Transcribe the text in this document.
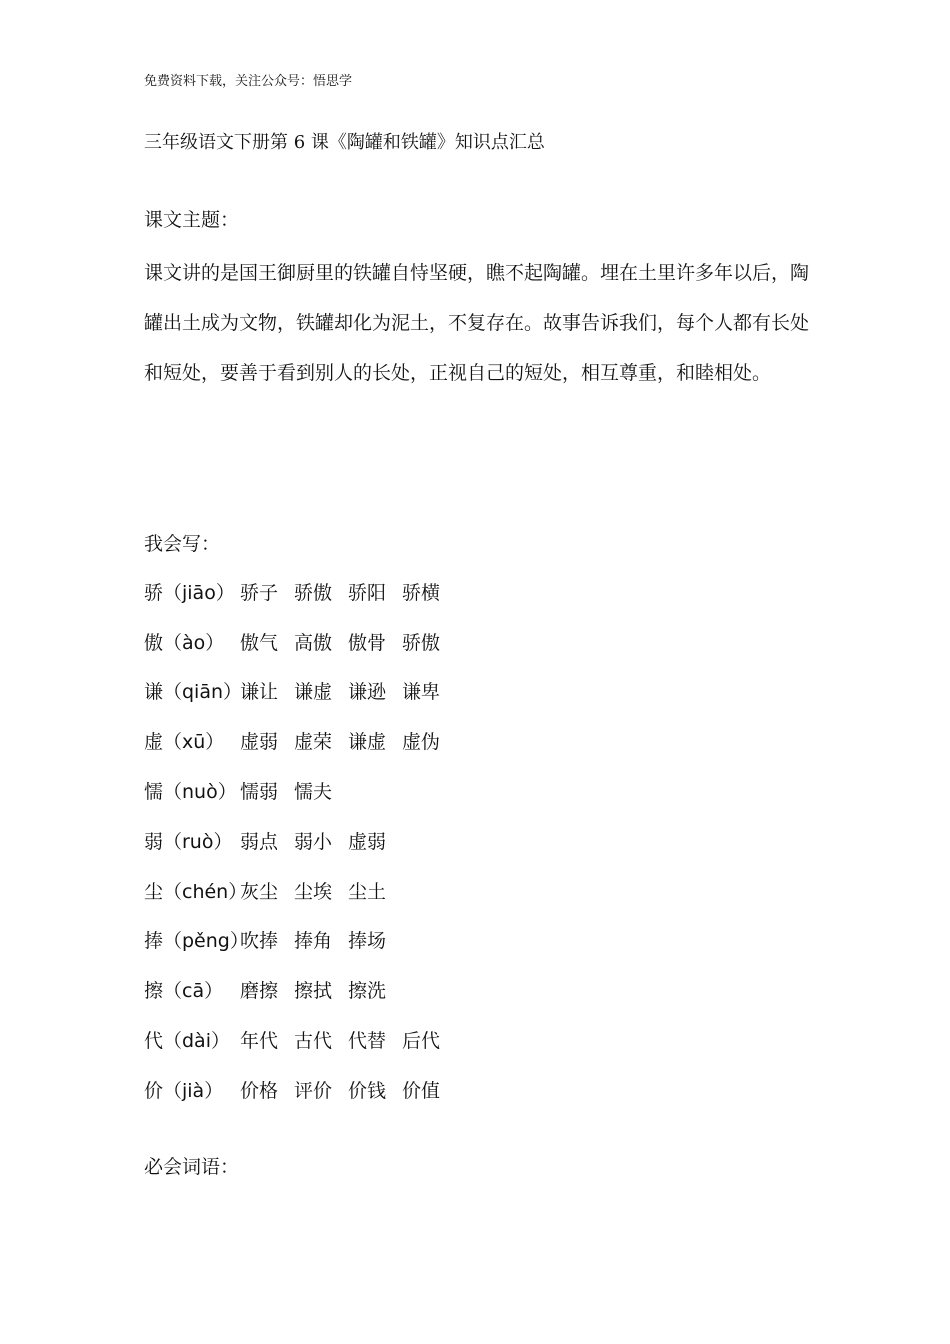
免费资料下载，关注公众号：悟思学
三年级语文下册第 6 课《陶罐和铁罐》知识点汇总
课文主题：
课文讲的是国王御厨里的铁罐自恃坚硬，瞧不起陶罐。埋在土里许多年以后，陶罐出土成为文物，铁罐却化为泥土，不复存在。故事告诉我们，每个人都有长处和短处，要善于看到别人的长处，正视自己的短处，相互尊重，和睦相处。
我会写：
骄（jiāo） 骄子 骄傲 骄阳 骄横
傲（ào） 傲气 高傲 傲骨 骄傲
谦（qiān）
谦让 谦虚 谦逊 谦卑
虚（xū） 虚弱 虚荣 谦虚 虚伪
懦（nuò） 懦弱 懦夫
弱（ruò） 弱点 弱小 虚弱
尘（chén）
灰尘 尘埃 尘土
捧（pěng）
吹捧 捧角 捧场
擦（cā） 磨擦 擦拭 擦洗
代（dài） 年代 古代 代替 后代
价（jià） 价格 评价 价钱 价值
必会词语：
